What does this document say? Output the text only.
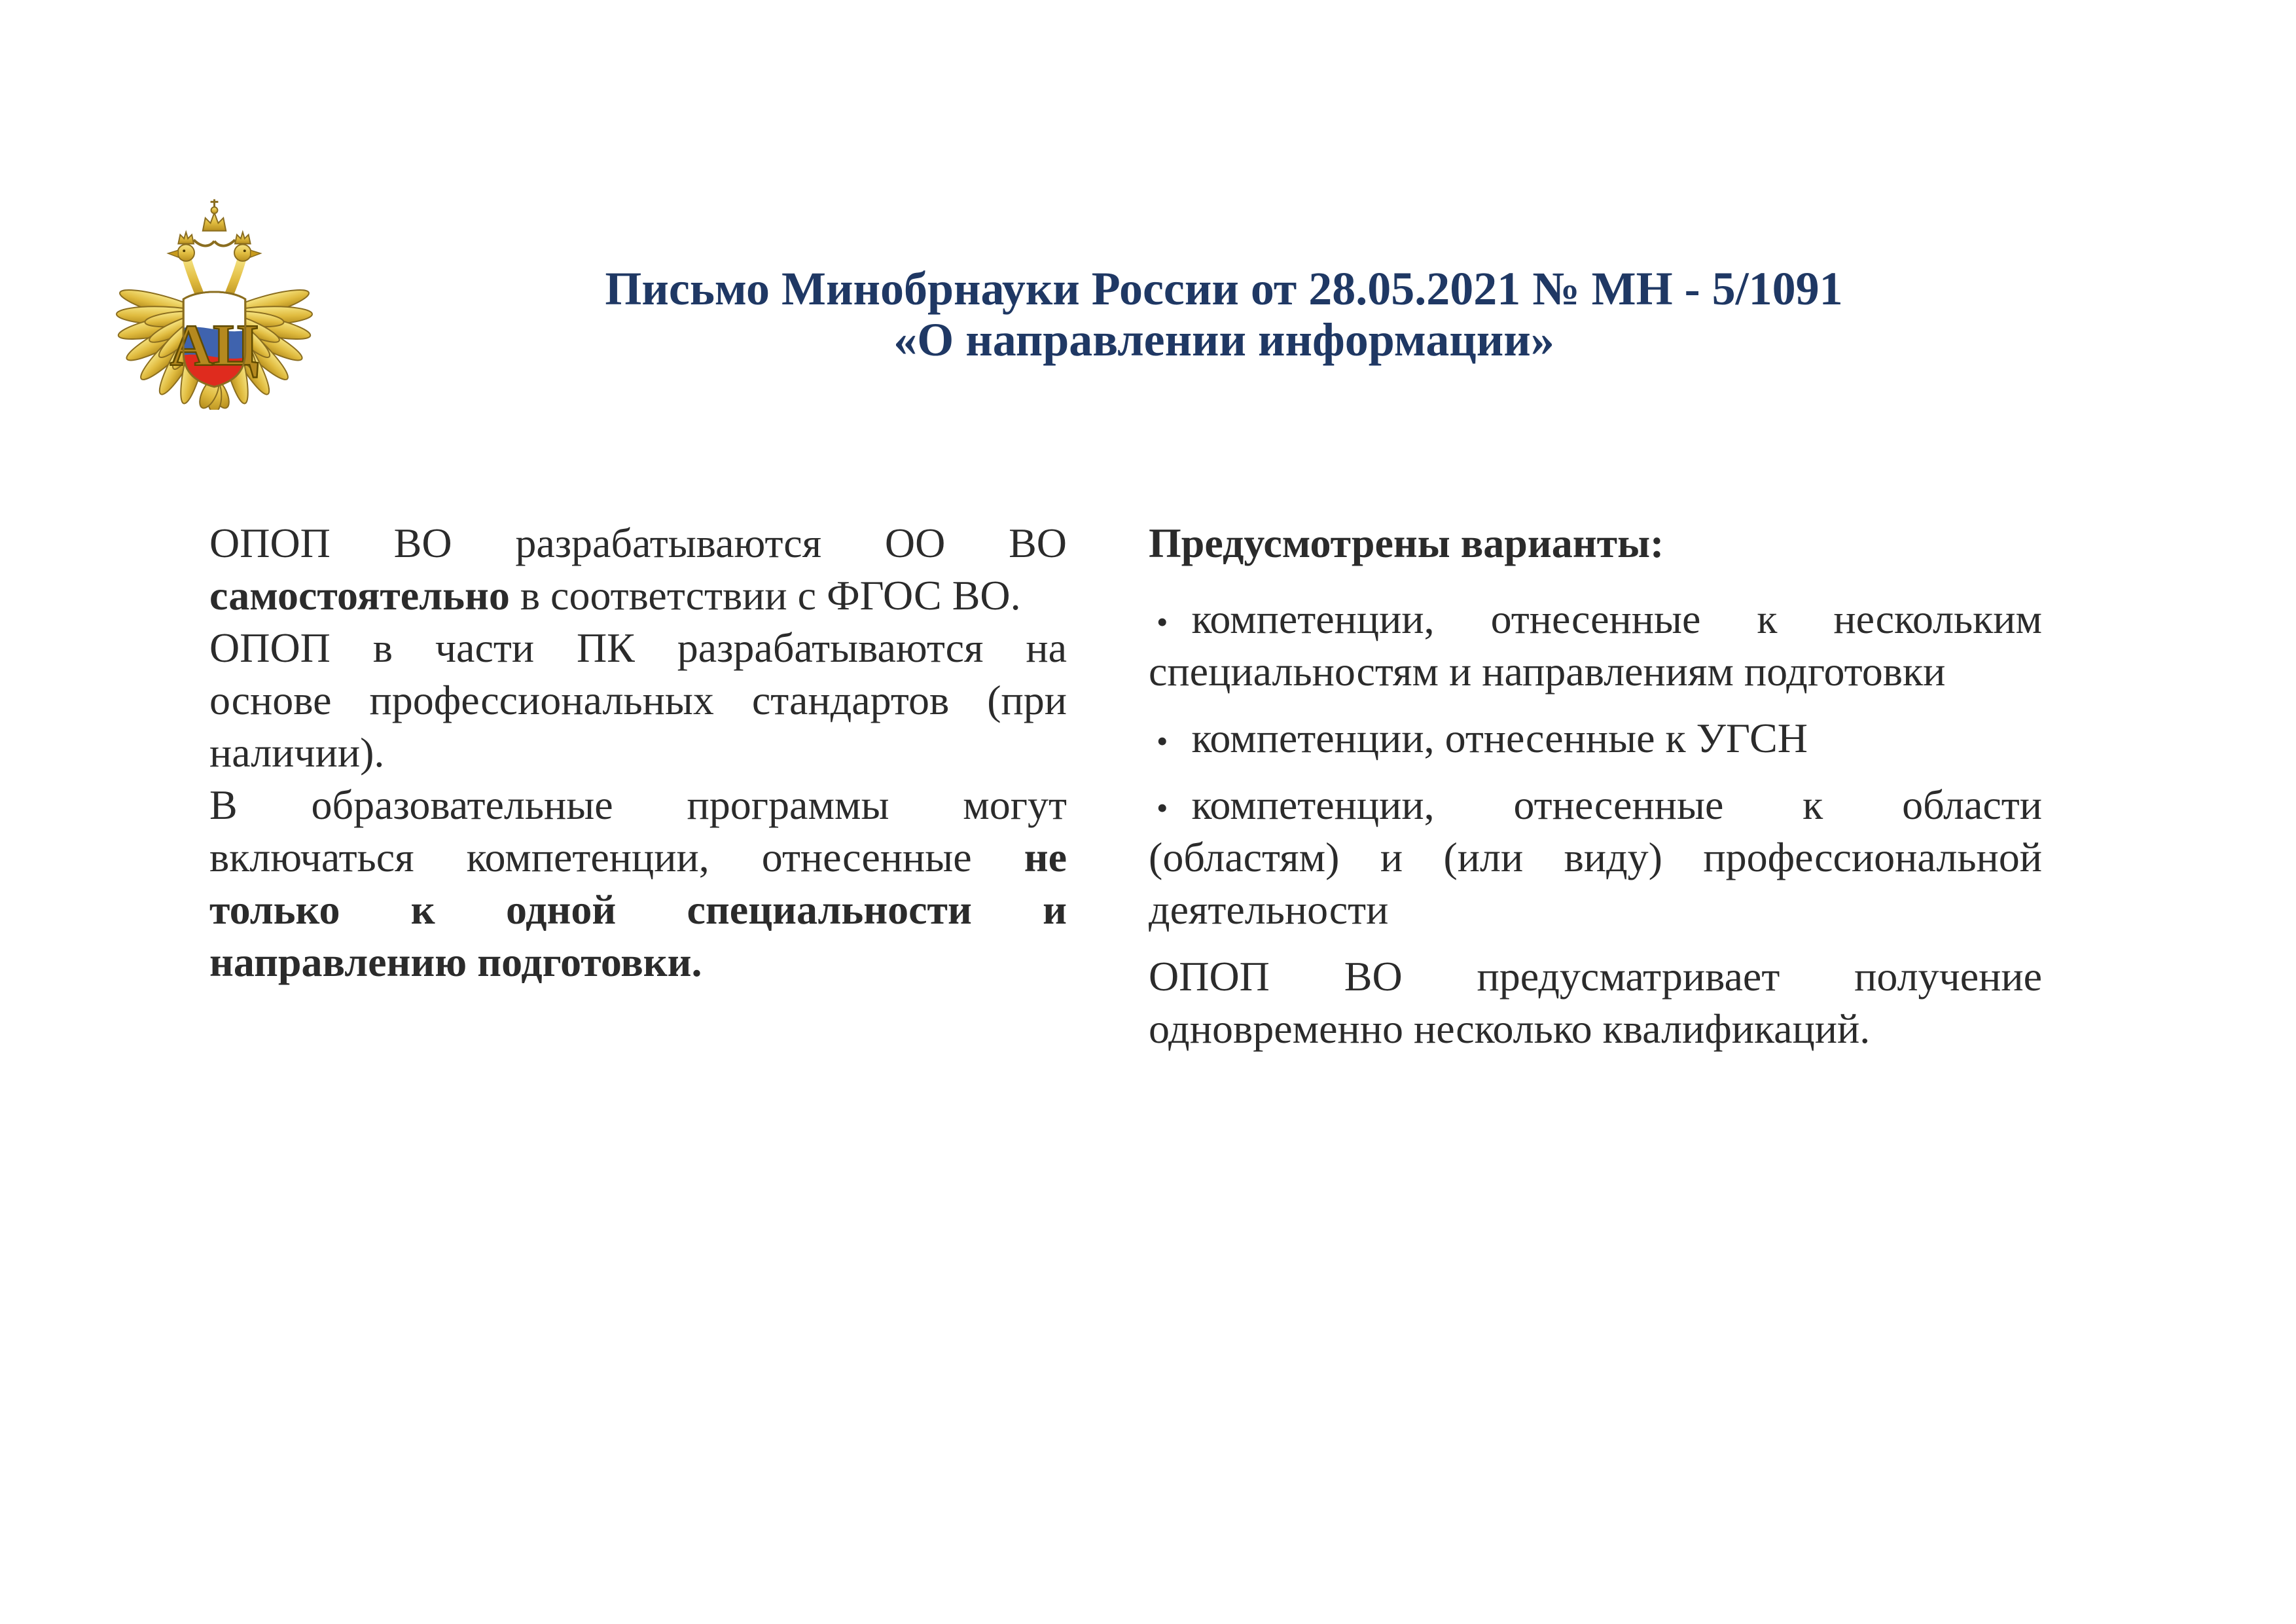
АЦ
Письмо Минобрнауки России от 28.05.2021 № МН - 5/1091
«О направлении информации»
ОПОП ВО разрабатываются ОО ВО
самостоятельно в соответствии с ФГОС ВО.
ОПОП в части ПК разрабатываются на
основе профессиональных стандартов (при
наличии).
В образовательные программы могут
включаться компетенции, отнесенные не
только к одной специальности и
направлению подготовки.
Предусмотрены варианты:
• компетенции, отнесенные к нескольким
специальностям и направлениям подготовки
• компетенции, отнесенные к УГСН
• компетенции, отнесенные к области
(областям) и (или виду) профессиональной
деятельности
ОПОП ВО предусматривает получение
одновременно несколько квалификаций.
